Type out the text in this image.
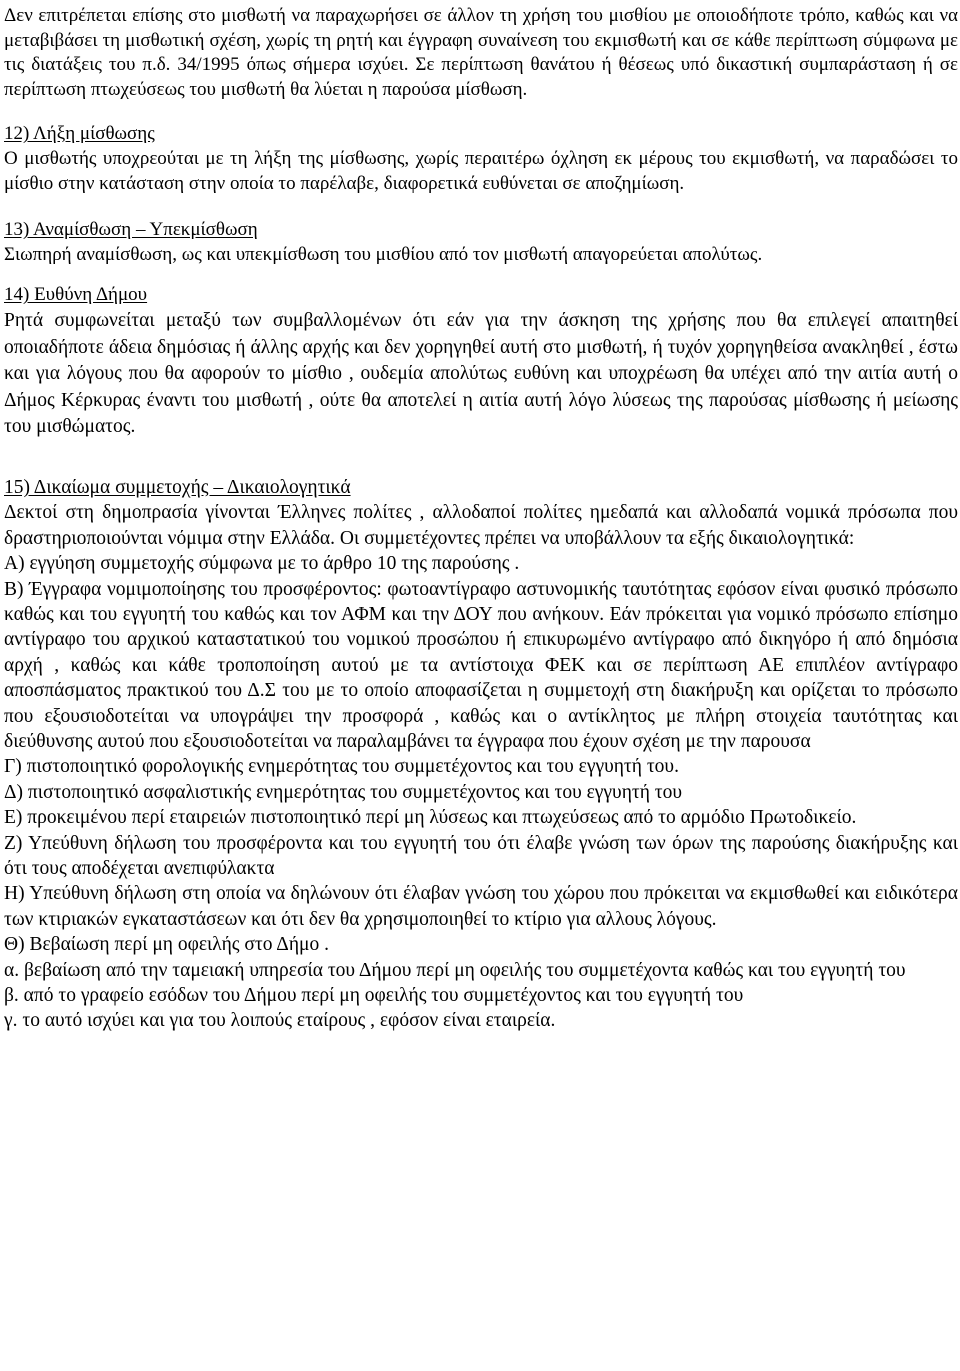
Δεν επιτρέπεται επίσης στο μισθωτή να παραχωρήσει σε άλλον τη χρήση του μισθίου με οποιοδήποτε τρόπο, καθώς και να μεταβιβάσει τη μισθωτική σχέση, χωρίς τη ρητή και έγγραφη συναίνεση του εκμισθωτή και σε κάθε περίπτωση σύμφωνα με τις διατάξεις του π.δ. 34/1995 όπως σήμερα ισχύει. Σε περίπτωση θανάτου ή θέσεως υπό δικαστική συμπαράσταση ή σε περίπτωση πτωχεύσεως του μισθωτή θα λύεται η παρούσα μίσθωση.

12) Λήξη μίσθωσης

Ο μισθωτής υποχρεούται με τη λήξη της μίσθωσης, χωρίς περαιτέρω όχληση εκ μέρους του εκμισθωτή, να παραδώσει το μίσθιο στην κατάσταση στην οποία το παρέλαβε, διαφορετικά ευθύνεται σε αποζημίωση.

13) Αναμίσθωση – Υπεκμίσθωση

Σιωπηρή αναμίσθωση, ως και υπεκμίσθωση του μισθίου από τον μισθωτή απαγορεύεται απολύτως.

14) Ευθύνη Δήμου

Ρητά συμφωνείται μεταξύ των συμβαλλομένων ότι εάν για την άσκηση της χρήσης που θα επιλεγεί απαιτηθεί οποιαδήποτε άδεια δημόσιας ή άλλης αρχής και δεν χορηγηθεί αυτή στο μισθωτή, ή τυχόν χορηγηθείσα ανακληθεί , έστω και για λόγους που θα αφορούν το μίσθιο , ουδεμία απολύτως ευθύνη και υποχρέωση θα υπέχει από την αιτία αυτή ο Δήμος Κέρκυρας έναντι του μισθωτή , ούτε θα αποτελεί η αιτία αυτή λόγο λύσεως της παρούσας μίσθωσης ή μείωσης του μισθώματος.

15) Δικαίωμα συμμετοχής – Δικαιολογητικά

Δεκτοί στη δημοπρασία γίνονται Έλληνες πολίτες , αλλοδαποί πολίτες ημεδαπά και αλλοδαπά νομικά πρόσωπα που δραστηριοποιούνται νόμιμα στην Ελλάδα. Οι συμμετέχοντες πρέπει να υποβάλλουν τα εξής δικαιολογητικά:

Α) εγγύηση συμμετοχής σύμφωνα με το άρθρο 10 της παρούσης .

Β) Έγγραφα νομιμοποίησης του προσφέροντος: φωτοαντίγραφο αστυνομικής ταυτότητας εφόσον είναι φυσικό πρόσωπο καθώς και του εγγυητή του καθώς και τον ΑΦΜ και την ΔΟΥ που ανήκουν. Εάν πρόκειται για νομικό πρόσωπο επίσημο αντίγραφο του αρχικού καταστατικού του νομικού προσώπου ή επικυρωμένο αντίγραφο από δικηγόρο ή από δημόσια αρχή , καθώς και κάθε τροποποίηση αυτού με τα αντίστοιχα ΦΕΚ και σε περίπτωση ΑΕ επιπλέον αντίγραφο αποσπάσματος πρακτικού του Δ.Σ του με το οποίο αποφασίζεται η συμμετοχή στη διακήρυξη και ορίζεται το πρόσωπο που εξουσιοδοτείται να υπογράψει την προσφορά , καθώς και ο αντίκλητος με πλήρη στοιχεία ταυτότητας και διεύθυνσης αυτού που εξουσιοδοτείται να παραλαμβάνει τα έγγραφα που έχουν σχέση με την παρουσα

Γ) πιστοποιητικό φορολογικής ενημερότητας του συμμετέχοντος και του εγγυητή του.

Δ) πιστοποιητικό ασφαλιστικής ενημερότητας του συμμετέχοντος και του εγγυητή του

Ε) προκειμένου περί εταιρειών πιστοποιητικό περί μη λύσεως και πτωχεύσεως από το αρμόδιο Πρωτοδικείο.

Ζ) Υπεύθυνη δήλωση του προσφέροντα και του εγγυητή του ότι έλαβε γνώση των όρων της παρούσης διακήρυξης και ότι τους αποδέχεται ανεπιφύλακτα

Η) Υπεύθυνη δήλωση στη οποία να δηλώνουν ότι έλαβαν γνώση του χώρου που πρόκειται να εκμισθωθεί και ειδικότερα των κτιριακών εγκαταστάσεων και ότι δεν θα χρησιμοποιηθεί το κτίριο για αλλους λόγους.

Θ) Βεβαίωση περί μη οφειλής στο Δήμο .

α. βεβαίωση από την ταμειακή υπηρεσία του Δήμου περί μη οφειλής του συμμετέχοντα καθώς και του εγγυητή του

β. από το γραφείο εσόδων του Δήμου περί μη οφειλής του συμμετέχοντος και του εγγυητή του

γ. το αυτό ισχύει και για του λοιπούς εταίρους , εφόσον είναι εταιρεία.
